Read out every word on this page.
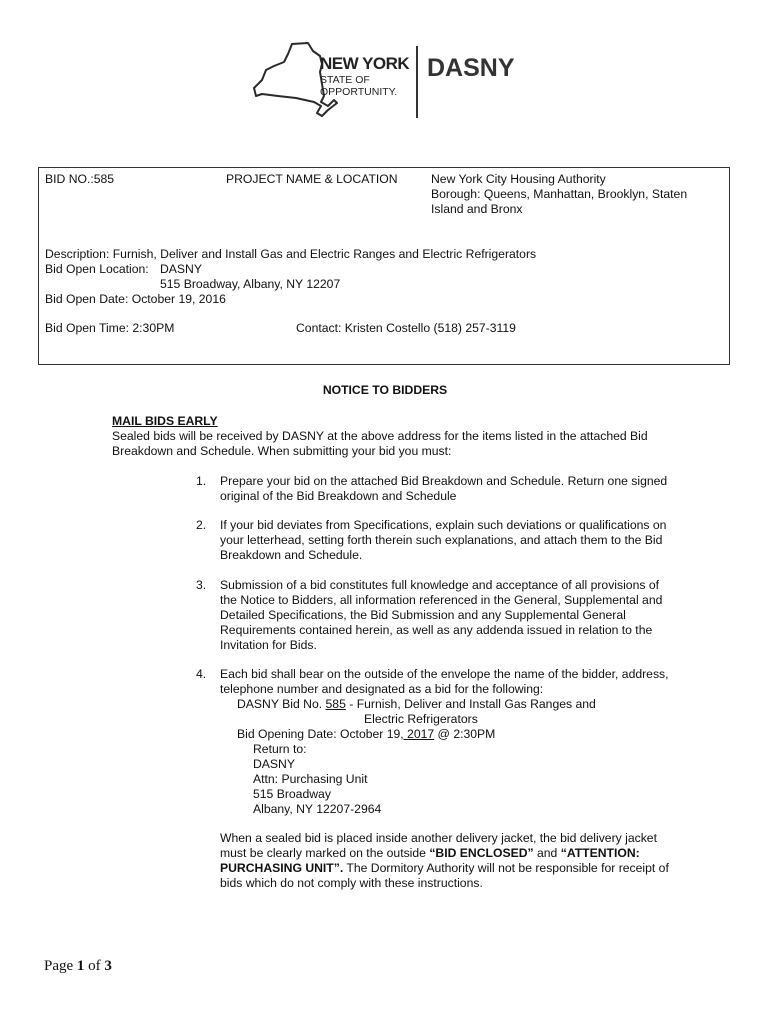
NEW YORK
STATE OF
OPPORTUNITY.
DASNY
BID NO.:585	PROJECT NAME & LOCATION	New York City Housing Authority
Borough: Queens, Manhattan, Brooklyn, Staten
Island and Bronx
Description: Furnish, Deliver and Install Gas and Electric Ranges and Electric Refrigerators
Bid Open Location: DASNY
515 Broadway, Albany, NY 12207
Bid Open Date: October 19, 2016
Bid Open Time: 2:30PM	Contact: Kristen Costello (518) 257-3119
NOTICE TO BIDDERS
MAIL BIDS EARLY
Sealed bids will be received by DASNY at the above address for the items listed in the attached Bid
Breakdown and Schedule. When submitting your bid you must:
1. Prepare your bid on the attached Bid Breakdown and Schedule. Return one signed
original of the Bid Breakdown and Schedule
2. If your bid deviates from Specifications, explain such deviations or qualifications on
your letterhead, setting forth therein such explanations, and attach them to the Bid
Breakdown and Schedule.
3. Submission of a bid constitutes full knowledge and acceptance of all provisions of
the Notice to Bidders, all information referenced in the General, Supplemental and
Detailed Specifications, the Bid Submission and any Supplemental General
Requirements contained herein, as well as any addenda issued in relation to the
Invitation for Bids.
4. Each bid shall bear on the outside of the envelope the name of the bidder, address,
telephone number and designated as a bid for the following:
DASNY Bid No. 585 - Furnish, Deliver and Install Gas Ranges and
Electric Refrigerators
Bid Opening Date: October 19, 2017 @ 2:30PM
Return to:
DASNY
Attn: Purchasing Unit
515 Broadway
Albany, NY 12207-2964
When a sealed bid is placed inside another delivery jacket, the bid delivery jacket
must be clearly marked on the outside “BID ENCLOSED” and “ATTENTION:
PURCHASING UNIT”. The Dormitory Authority will not be responsible for receipt of
bids which do not comply with these instructions.
Page 1 of 3
